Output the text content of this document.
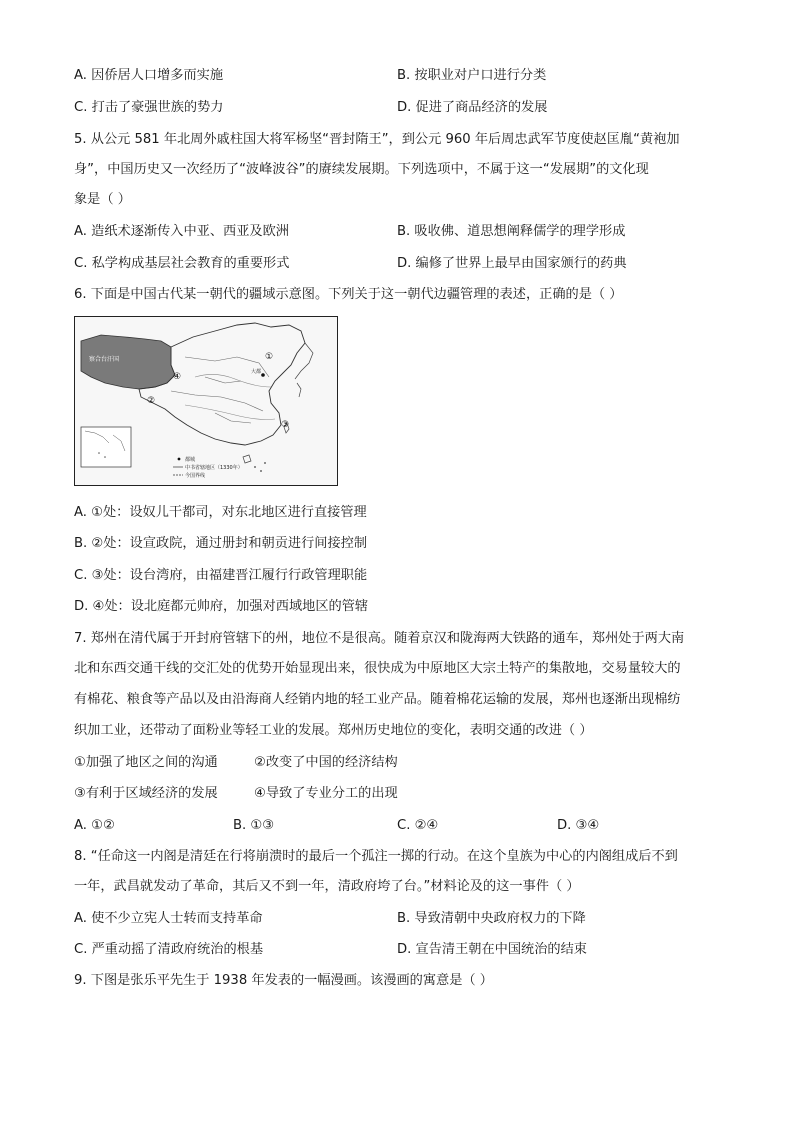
A. 因侨居人口增多而实施	B. 按职业对户口进行分类
C. 打击了豪强世族的势力	D. 促进了商品经济的发展
5. 从公元 581 年北周外戚柱国大将军杨坚“晋封隋王”，到公元 960 年后周忠武军节度使赵匡胤“黄袍加
身”，中国历史又一次经历了“波峰波谷”的赓续发展期。下列选项中，不属于这一“发展期”的文化现
象是（ ）
A. 造纸术逐渐传入中亚、西亚及欧洲	B. 吸收佛、道思想阐释儒学的理学形成
C. 私学构成基层社会教育的重要形式	D. 编修了世界上最早由国家颁行的药典
6. 下面是中国古代某一朝代的疆域示意图。下列关于这一朝代边疆管理的表述，正确的是（ ）
大都
察合台汗国	①
②
③
④
都城
中书省辖地区（1330年）
今国界线
A. ①处：设奴儿干都司，对东北地区进行直接管理
B. ②处：设宣政院，通过册封和朝贡进行间接控制
C. ③处：设台湾府，由福建晋江履行行政管理职能
D. ④处：设北庭都元帅府，加强对西域地区的管辖
7. 郑州在清代属于开封府管辖下的州，地位不是很高。随着京汉和陇海两大铁路的通车，郑州处于两大南
北和东西交通干线的交汇处的优势开始显现出来，很快成为中原地区大宗土特产的集散地，交易量较大的
有棉花、粮食等产品以及由沿海商人经销内地的轻工业产品。随着棉花运输的发展，郑州也逐渐出现棉纺
织加工业，还带动了面粉业等轻工业的发展。郑州历史地位的变化，表明交通的改进（ ）
①加强了地区之间的沟通	②改变了中国的经济结构
③有利于区域经济的发展	④导致了专业分工的出现
A. ①②	B. ①③	C. ②④	D. ③④
8. “任命这一内阁是清廷在行将崩溃时的最后一个孤注一掷的行动。在这个皇族为中心的内阁组成后不到
一年，武昌就发动了革命，其后又不到一年，清政府垮了台。”材料论及的这一事件（ ）
A. 使不少立宪人士转而支持革命	B. 导致清朝中央政府权力的下降
C. 严重动摇了清政府统治的根基	D. 宣告清王朝在中国统治的结束
9. 下图是张乐平先生于 1938 年发表的一幅漫画。该漫画的寓意是（ ）
